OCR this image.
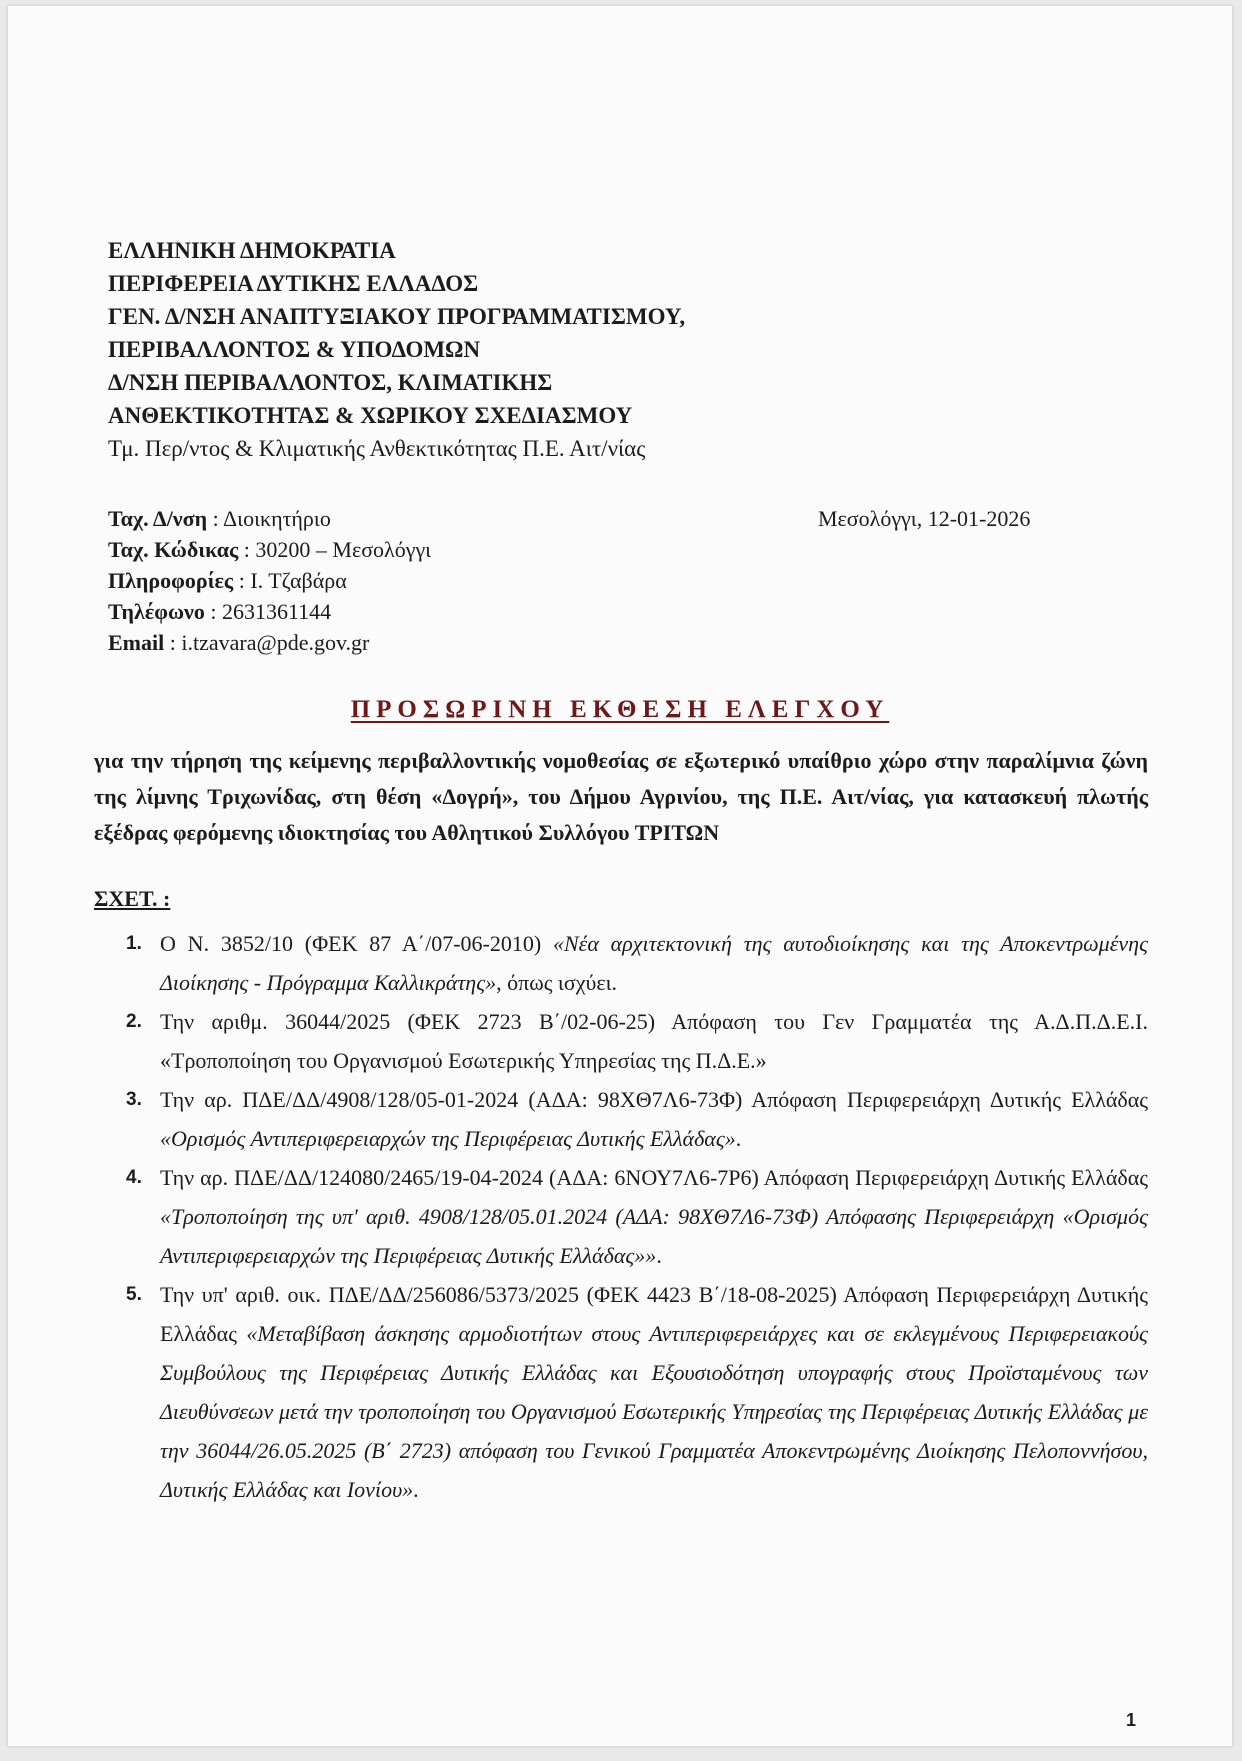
ΕΛΛΗΝΙΚΗ ΔΗΜΟΚΡΑΤΙΑ
ΠΕΡΙΦΕΡΕΙΑ ΔΥΤΙΚΗΣ ΕΛΛΑΔΟΣ
ΓΕΝ. Δ/ΝΣΗ ΑΝΑΠΤΥΞΙΑΚΟΥ ΠΡΟΓΡΑΜΜΑΤΙΣΜΟΥ,
ΠΕΡΙΒΑΛΛΟΝΤΟΣ & ΥΠΟΔΟΜΩΝ
Δ/ΝΣΗ ΠΕΡΙΒΑΛΛΟΝΤΟΣ, ΚΛΙΜΑΤΙΚΗΣ
ΑΝΘΕΚΤΙΚΟΤΗΤΑΣ & ΧΩΡΙΚΟΥ ΣΧΕΔΙΑΣΜΟΥ
Τμ. Περ/ντος & Κλιματικής Ανθεκτικότητας Π.Ε. Αιτ/νίας
Ταχ. Δ/νση : Διοικητήριο
Ταχ. Κώδικας : 30200 – Μεσολόγγι
Πληροφορίες : Ι. Τζαβάρα
Τηλέφωνο : 2631361144
Email : i.tzavara@pde.gov.gr
Μεσολόγγι, 12-01-2026
ΠΡΟΣΩΡΙΝΗ ΕΚΘΕΣΗ ΕΛΕΓΧΟΥ
για την τήρηση της κείμενης περιβαλλοντικής νομοθεσίας σε εξωτερικό υπαίθριο χώρο στην παραλίμνια ζώνη της λίμνης Τριχωνίδας, στη θέση «Δογρή», του Δήμου Αγρινίου, της Π.Ε. Αιτ/νίας, για κατασκευή πλωτής εξέδρας φερόμενης ιδιοκτησίας του Αθλητικού Συλλόγου ΤΡΙΤΩΝ
ΣΧΕΤ. :
1. Ο Ν. 3852/10 (ΦΕΚ 87 Α΄/07-06-2010) «Νέα αρχιτεκτονική της αυτοδιοίκησης και της Αποκεντρωμένης Διοίκησης - Πρόγραμμα Καλλικράτης», όπως ισχύει.
2. Την αριθμ. 36044/2025 (ΦΕΚ 2723 Β΄/02-06-25) Απόφαση του Γεν Γραμματέα της Α.Δ.Π.Δ.Ε.Ι. «Τροποποίηση του Οργανισμού Εσωτερικής Υπηρεσίας της Π.Δ.Ε.»
3. Την αρ. ΠΔΕ/ΔΔ/4908/128/05-01-2024 (ΑΔΑ: 98ΧΘ7Λ6-73Φ) Απόφαση Περιφερειάρχη Δυτικής Ελλάδας «Ορισμός Αντιπεριφερειαρχών της Περιφέρειας Δυτικής Ελλάδας».
4. Την αρ. ΠΔΕ/ΔΔ/124080/2465/19-04-2024 (ΑΔΑ: 6ΝΟΥ7Λ6-7Ρ6) Απόφαση Περιφερειάρχη Δυτικής Ελλάδας «Τροποποίηση της υπ' αριθ. 4908/128/05.01.2024 (ΑΔΑ: 98ΧΘ7Λ6-73Φ) Απόφασης Περιφερειάρχη «Ορισμός Αντιπεριφερειαρχών της Περιφέρειας Δυτικής Ελλάδας»».
5. Την υπ' αριθ. οικ. ΠΔΕ/ΔΔ/256086/5373/2025 (ΦΕΚ 4423 Β΄/18-08-2025) Απόφαση Περιφερειάρχη Δυτικής Ελλάδας «Μεταβίβαση άσκησης αρμοδιοτήτων στους Αντιπεριφερειάρχες και σε εκλεγμένους Περιφερειακούς Συμβούλους της Περιφέρειας Δυτικής Ελλάδας και Εξουσιοδότηση υπογραφής στους Προϊσταμένους των Διευθύνσεων μετά την τροποποίηση του Οργανισμού Εσωτερικής Υπηρεσίας της Περιφέρειας Δυτικής Ελλάδας με την 36044/26.05.2025 (Β΄ 2723) απόφαση του Γενικού Γραμματέα Αποκεντρωμένης Διοίκησης Πελοποννήσου, Δυτικής Ελλάδας και Ιονίου».
1
